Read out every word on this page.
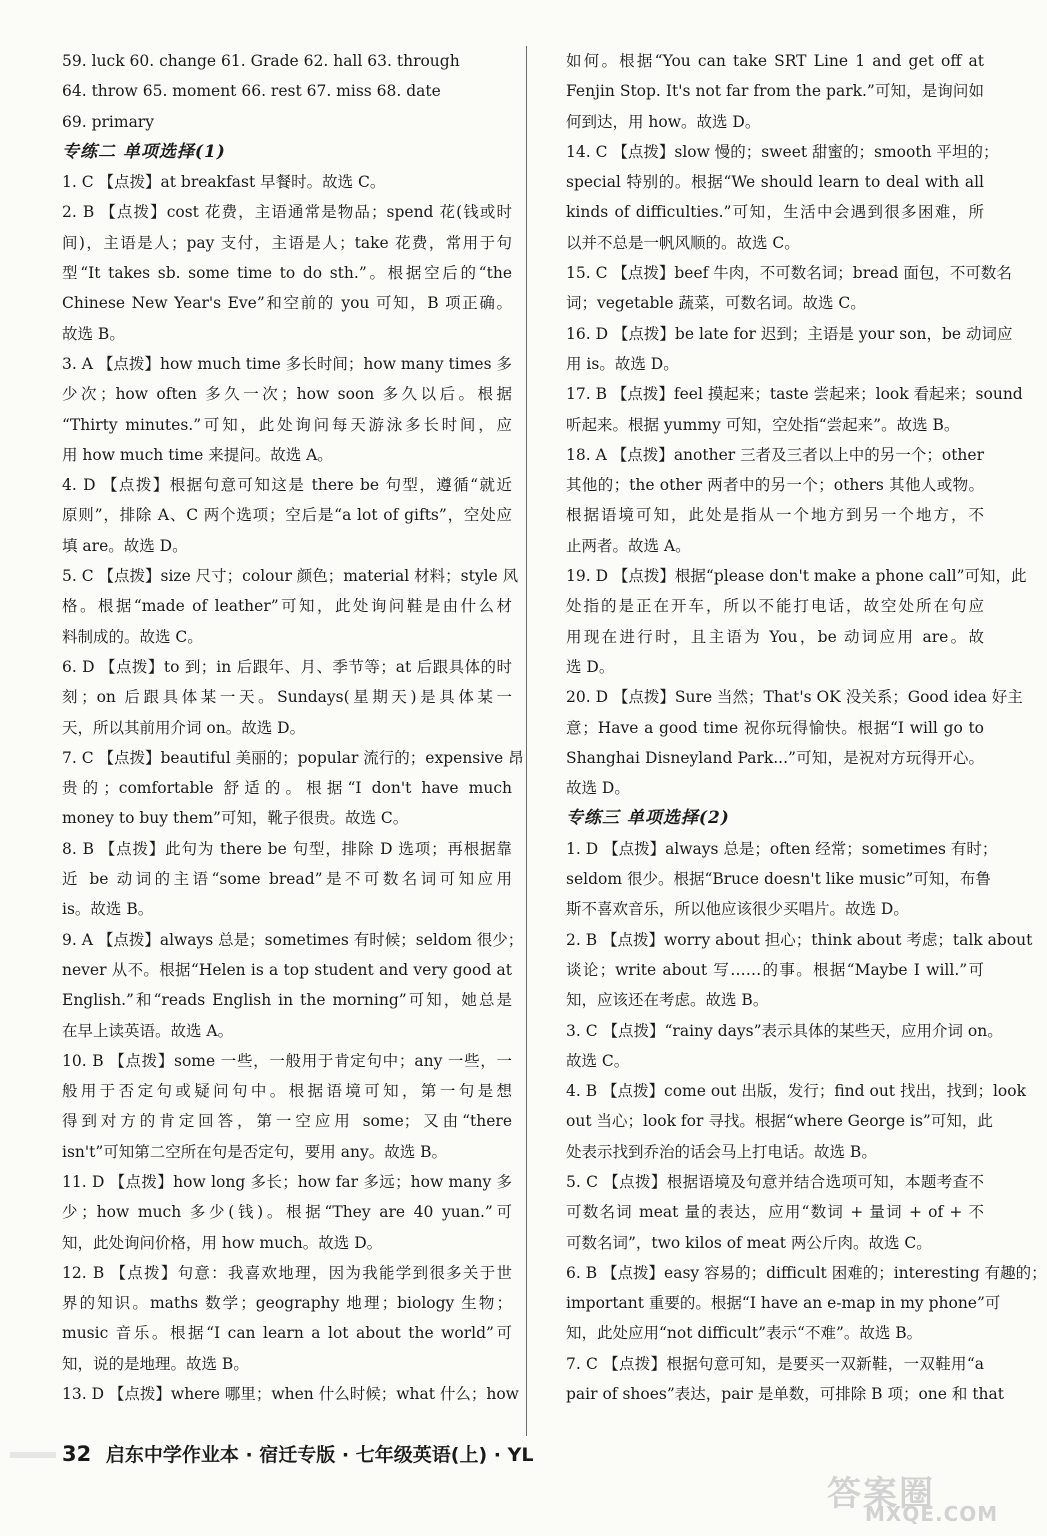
59. luck 60. change 61. Grade 62. hall 63. through
64. throw 65. moment 66. rest 67. miss 68. date
69. primary
专练二 单项选择(1)
1. C 【点拨】at breakfast 早餐时。故选 C。
2. B 【点拨】cost 花费，主语通常是物品；spend 花(钱或时
间)，主语是人；pay 支付，主语是人；take 花费，常用于句
型“It takes sb. some time to do sth.”。根据空后的“the
Chinese New Year's Eve”和空前的 you 可知，B 项正确。
故选 B。
3. A 【点拨】how much time 多长时间；how many times 多
少次；how often 多久一次；how soon 多久以后。根据
“Thirty minutes.”可知，此处询问每天游泳多长时间，应
用 how much time 来提问。故选 A。
4. D 【点拨】根据句意可知这是 there be 句型，遵循“就近
原则”，排除 A、C 两个选项；空后是“a lot of gifts”，空处应
填 are。故选 D。
5. C 【点拨】size 尺寸；colour 颜色；material 材料；style 风
格。根据“made of leather”可知，此处询问鞋是由什么材
料制成的。故选 C。
6. D 【点拨】to 到；in 后跟年、月、季节等；at 后跟具体的时
刻；on 后跟具体某一天。Sundays(星期天)是具体某一
天，所以其前用介词 on。故选 D。
7. C 【点拨】beautiful 美丽的；popular 流行的；expensive 昂
贵的；comfortable 舒适的。根据“I don't have much
money to buy them”可知，靴子很贵。故选 C。
8. B 【点拨】此句为 there be 句型，排除 D 选项；再根据靠
近 be 动词的主语“some bread”是不可数名词可知应用
is。故选 B。
9. A 【点拨】always 总是；sometimes 有时候；seldom 很少；
never 从不。根据“Helen is a top student and very good at
English.”和“reads English in the morning”可知，她总是
在早上读英语。故选 A。
10. B 【点拨】some 一些，一般用于肯定句中；any 一些，一
般用于否定句或疑问句中。根据语境可知，第一句是想
得到对方的肯定回答，第一空应用 some；又由“there
isn't”可知第二空所在句是否定句，要用 any。故选 B。
11. D 【点拨】how long 多长；how far 多远；how many 多
少；how much 多少(钱)。根据“They are 40 yuan.”可
知，此处询问价格，用 how much。故选 D。
12. B 【点拨】句意：我喜欢地理，因为我能学到很多关于世
界的知识。maths 数学；geography 地理；biology 生物；
music 音乐。根据“I can learn a lot about the world”可
知，说的是地理。故选 B。
13. D 【点拨】where 哪里；when 什么时候；what 什么；how
如何。根据“You can take SRT Line 1 and get off at
Fenjin Stop. It's not far from the park.”可知，是询问如
何到达，用 how。故选 D。
14. C 【点拨】slow 慢的；sweet 甜蜜的；smooth 平坦的；
special 特别的。根据“We should learn to deal with all
kinds of difficulties.”可知，生活中会遇到很多困难，所
以并不总是一帆风顺的。故选 C。
15. C 【点拨】beef 牛肉，不可数名词；bread 面包，不可数名
词；vegetable 蔬菜，可数名词。故选 C。
16. D 【点拨】be late for 迟到；主语是 your son，be 动词应
用 is。故选 D。
17. B 【点拨】feel 摸起来；taste 尝起来；look 看起来；sound
听起来。根据 yummy 可知，空处指“尝起来”。故选 B。
18. A 【点拨】another 三者及三者以上中的另一个；other
其他的；the other 两者中的另一个；others 其他人或物。
根据语境可知，此处是指从一个地方到另一个地方，不
止两者。故选 A。
19. D 【点拨】根据“please don't make a phone call”可知，此
处指的是正在开车，所以不能打电话，故空处所在句应
用现在进行时，且主语为 You，be 动词应用 are。故
选 D。
20. D 【点拨】Sure 当然；That's OK 没关系；Good idea 好主
意；Have a good time 祝你玩得愉快。根据“I will go to
Shanghai Disneyland Park...”可知，是祝对方玩得开心。
故选 D。
专练三 单项选择(2)
1. D 【点拨】always 总是；often 经常；sometimes 有时；
seldom 很少。根据“Bruce doesn't like music”可知，布鲁
斯不喜欢音乐，所以他应该很少买唱片。故选 D。
2. B 【点拨】worry about 担心；think about 考虑；talk about
谈论；write about 写……的事。根据“Maybe I will.”可
知，应该还在考虑。故选 B。
3. C 【点拨】“rainy days”表示具体的某些天，应用介词 on。
故选 C。
4. B 【点拨】come out 出版，发行；find out 找出，找到；look
out 当心；look for 寻找。根据“where George is”可知，此
处表示找到乔治的话会马上打电话。故选 B。
5. C 【点拨】根据语境及句意并结合选项可知，本题考查不
可数名词 meat 量的表达，应用“数词 + 量词 + of + 不
可数名词”，two kilos of meat 两公斤肉。故选 C。
6. B 【点拨】easy 容易的；difficult 困难的；interesting 有趣的；
important 重要的。根据“I have an e-map in my phone”可
知，此处应用“not difficult”表示“不难”。故选 B。
7. C 【点拨】根据句意可知，是要买一双新鞋，一双鞋用“a
pair of shoes”表达，pair 是单数，可排除 B 项；one 和 that
32 启东中学作业本 · 宿迁专版 · 七年级英语(上) · YL
答案圈
MXQE.COM
